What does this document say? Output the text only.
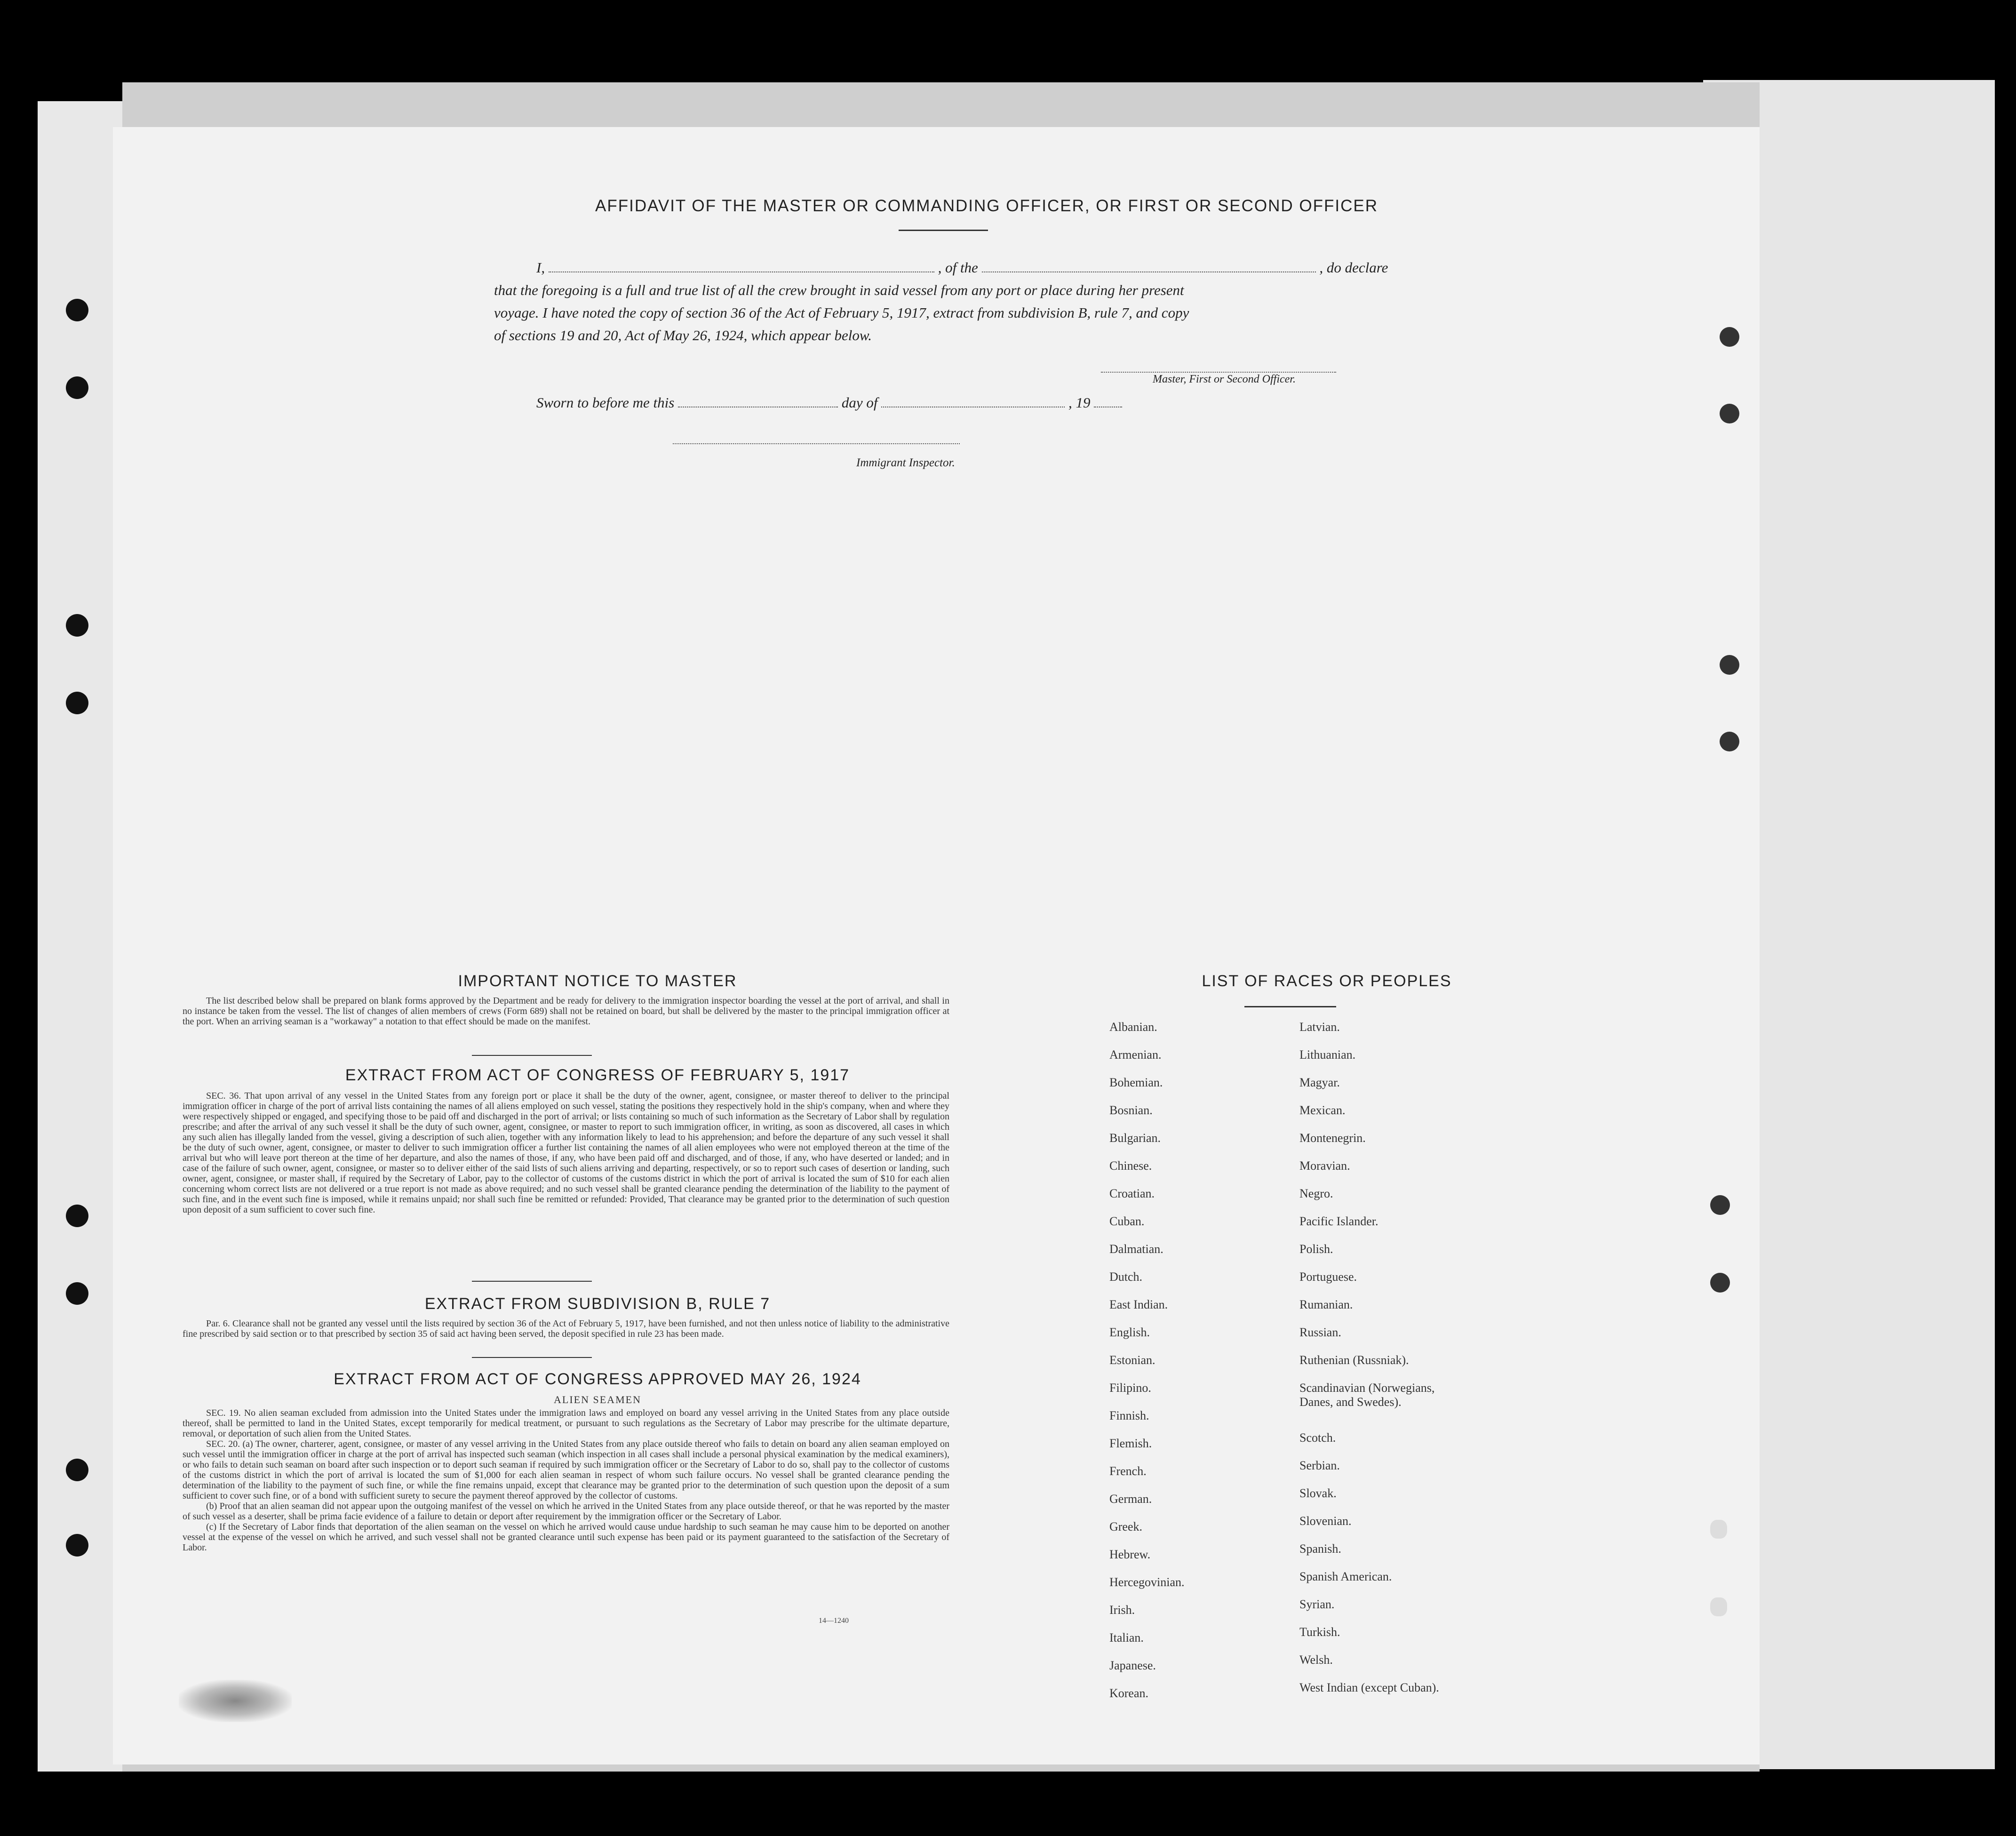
AFFIDAVIT OF THE MASTER OR COMMANDING OFFICER, OR FIRST OR SECOND OFFICER
I,	, of the	, do declare
that the foregoing is a full and true list of all the crew brought in said vessel from any port or place during her present
voyage. I have noted the copy of section 36 of the Act of February 5, 1917, extract from subdivision B, rule 7, and copy
of sections 19 and 20, Act of May 26, 1924, which appear below.
Master, First or Second Officer.
Sworn to before me this	day of	, 19
Immigrant Inspector.
IMPORTANT NOTICE TO MASTER
The list described below shall be prepared on blank forms approved by the Department and be ready for delivery to the immigration inspector boarding the vessel at the port of arrival, and shall in no instance be taken from the vessel. The list of changes of alien members of crews (Form 689) shall not be retained on board, but shall be delivered by the master to the principal immigration officer at the port. When an arriving seaman is a "workaway" a notation to that effect should be made on the manifest.
EXTRACT FROM ACT OF CONGRESS OF FEBRUARY 5, 1917
SEC. 36. That upon arrival of any vessel in the United States from any foreign port or place it shall be the duty of the owner, agent, consignee, or master thereof to deliver to the principal immigration officer in charge of the port of arrival lists containing the names of all aliens employed on such vessel, stating the positions they respectively hold in the ship's company, when and where they were respectively shipped or engaged, and specifying those to be paid off and discharged in the port of arrival; or lists containing so much of such information as the Secretary of Labor shall by regulation prescribe; and after the arrival of any such vessel it shall be the duty of such owner, agent, consignee, or master to report to such immigration officer, in writing, as soon as discovered, all cases in which any such alien has illegally landed from the vessel, giving a description of such alien, together with any information likely to lead to his apprehension; and before the departure of any such vessel it shall be the duty of such owner, agent, consignee, or master to deliver to such immigration officer a further list containing the names of all alien employees who were not employed thereon at the time of the arrival but who will leave port thereon at the time of her departure, and also the names of those, if any, who have been paid off and discharged, and of those, if any, who have deserted or landed; and in case of the failure of such owner, agent, consignee, or master so to deliver either of the said lists of such aliens arriving and departing, respectively, or so to report such cases of desertion or landing, such owner, agent, consignee, or master shall, if required by the Secretary of Labor, pay to the collector of customs of the customs district in which the port of arrival is located the sum of $10 for each alien concerning whom correct lists are not delivered or a true report is not made as above required; and no such vessel shall be granted clearance pending the determination of the liability to the payment of such fine, and in the event such fine is imposed, while it remains unpaid; nor shall such fine be remitted or refunded: Provided, That clearance may be granted prior to the determination of such question upon deposit of a sum sufficient to cover such fine.
EXTRACT FROM SUBDIVISION B, RULE 7
Par. 6. Clearance shall not be granted any vessel until the lists required by section 36 of the Act of February 5, 1917, have been furnished, and not then unless notice of liability to the administrative fine prescribed by said section or to that prescribed by section 35 of said act having been served, the deposit specified in rule 23 has been made.
EXTRACT FROM ACT OF CONGRESS APPROVED MAY 26, 1924
ALIEN SEAMEN
SEC. 19. No alien seaman excluded from admission into the United States under the immigration laws and employed on board any vessel arriving in the United States from any place outside thereof, shall be permitted to land in the United States, except temporarily for medical treatment, or pursuant to such regulations as the Secretary of Labor may prescribe for the ultimate departure, removal, or deportation of such alien from the United States.
SEC. 20. (a) The owner, charterer, agent, consignee, or master of any vessel arriving in the United States from any place outside thereof who fails to detain on board any alien seaman employed on such vessel until the immigration officer in charge at the port of arrival has inspected such seaman (which inspection in all cases shall include a personal physical examination by the medical examiners), or who fails to detain such seaman on board after such inspection or to deport such seaman if required by such immigration officer or the Secretary of Labor to do so, shall pay to the collector of customs of the customs district in which the port of arrival is located the sum of $1,000 for each alien seaman in respect of whom such failure occurs. No vessel shall be granted clearance pending the determination of the liability to the payment of such fine, or while the fine remains unpaid, except that clearance may be granted prior to the determination of such question upon the deposit of a sum sufficient to cover such fine, or of a bond with sufficient surety to secure the payment thereof approved by the collector of customs.
(b) Proof that an alien seaman did not appear upon the outgoing manifest of the vessel on which he arrived in the United States from any place outside thereof, or that he was reported by the master of such vessel as a deserter, shall be prima facie evidence of a failure to detain or deport after requirement by the immigration officer or the Secretary of Labor.
(c) If the Secretary of Labor finds that deportation of the alien seaman on the vessel on which he arrived would cause undue hardship to such seaman he may cause him to be deported on another vessel at the expense of the vessel on which he arrived, and such vessel shall not be granted clearance until such expense has been paid or its payment guaranteed to the satisfaction of the Secretary of Labor.
14—1240
LIST OF RACES OR PEOPLES
Albanian.
Armenian.
Bohemian.
Bosnian.
Bulgarian.
Chinese.
Croatian.
Cuban.
Dalmatian.
Dutch.
East Indian.
English.
Estonian.
Filipino.
Finnish.
Flemish.
French.
German.
Greek.
Hebrew.
Hercegovinian.
Irish.
Italian.
Japanese.
Korean.
Latvian.
Lithuanian.
Magyar.
Mexican.
Montenegrin.
Moravian.
Negro.
Pacific Islander.
Polish.
Portuguese.
Rumanian.
Russian.
Ruthenian (Russniak).
Scandinavian (Norwegians, Danes, and Swedes).
Scotch.
Serbian.
Slovak.
Slovenian.
Spanish.
Spanish American.
Syrian.
Turkish.
Welsh.
West Indian (except Cuban).
